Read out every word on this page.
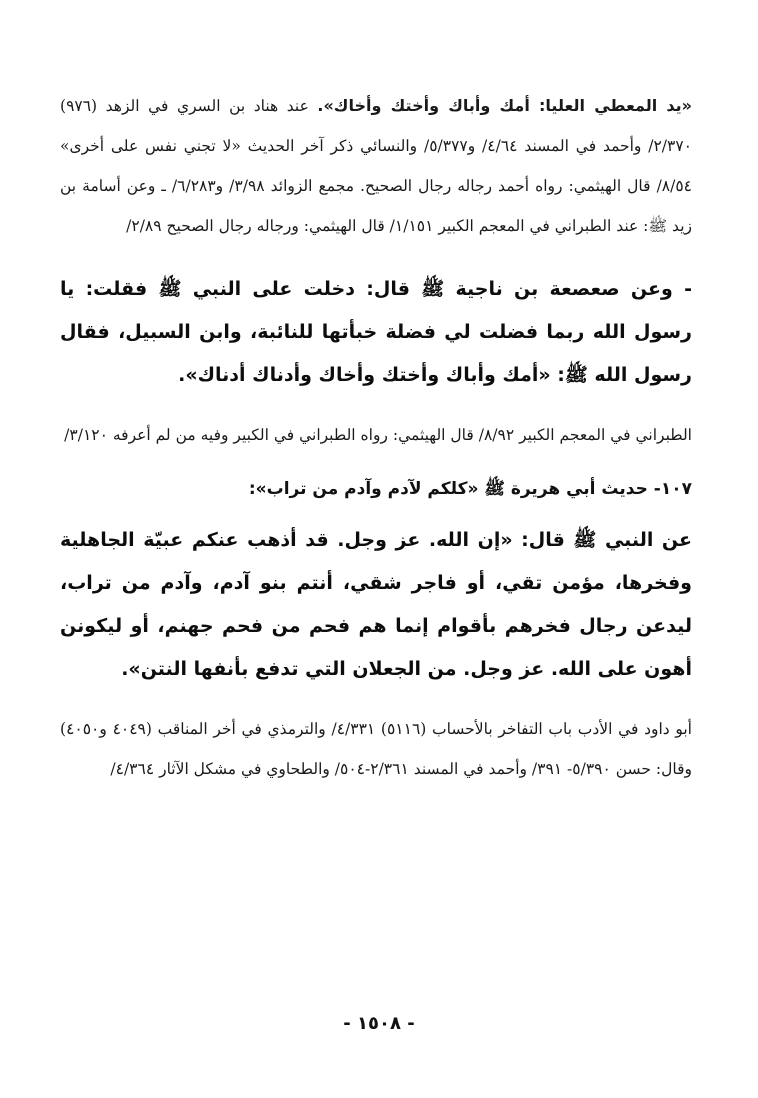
«يد المعطي العليا: أمك وأباك وأختك وأخاك». عند هناد بن السري في الزهد (٩٧٦) ٢/٣٧٠/ وأحمد في المسند ٤/٦٤/ و٥/٣٧٧/ والنسائي ذكر آخر الحديث «لا تجني نفس على أخرى» ٨/٥٤/ قال الهيثمي: رواه أحمد رجاله رجال الصحيح. مجمع الزوائد ٣/٩٨/ و٦/٢٨٣/ ـ وعن أسامة بن زيد ﷺ: عند الطبراني في المعجم الكبير ١/١٥١/ قال الهيثمي: ورجاله رجال الصحيح ٢/٨٩/

- وعن صعصعة بن ناجية ﷺ قال: دخلت على النبي ﷺ فقلت: يا رسول الله ربما فضلت لي فضلة خبأتها للنائبة، وابن السبيل، فقال رسول الله ﷺ: «أمك وأباك وأختك وأخاك وأدناك أدناك».

الطبراني في المعجم الكبير ٨/٩٢/ قال الهيثمي: رواه الطبراني في الكبير وفيه من لم أعرفه ٣/١٢٠/

١٠٧- حديث أبي هريرة ﷺ «كلكم لآدم وآدم من تراب»:

عن النبي ﷺ قال: «إن الله. عز وجل. قد أذهب عنكم عبيّة الجاهلية وفخرها، مؤمن تقي، أو فاجر شقي، أنتم بنو آدم، وآدم من تراب، ليدعن رجال فخرهم بأقوام إنما هم فحم من فحم جهنم، أو ليكونن أهون على الله. عز وجل. من الجعلان التي تدفع بأنفها النتن».

أبو داود في الأدب باب التفاخر بالأحساب (٥١١٦) ٤/٣٣١/ والترمذي في أخر المناقب (٤٠٤٩ و٤٠٥٠) وقال: حسن ٥/٣٩٠- ٣٩١/ وأحمد في المسند ٢/٣٦١-٥٠٤/ والطحاوي في مشكل الآثار ٤/٣٦٤/

- ١٥٠٨ -
